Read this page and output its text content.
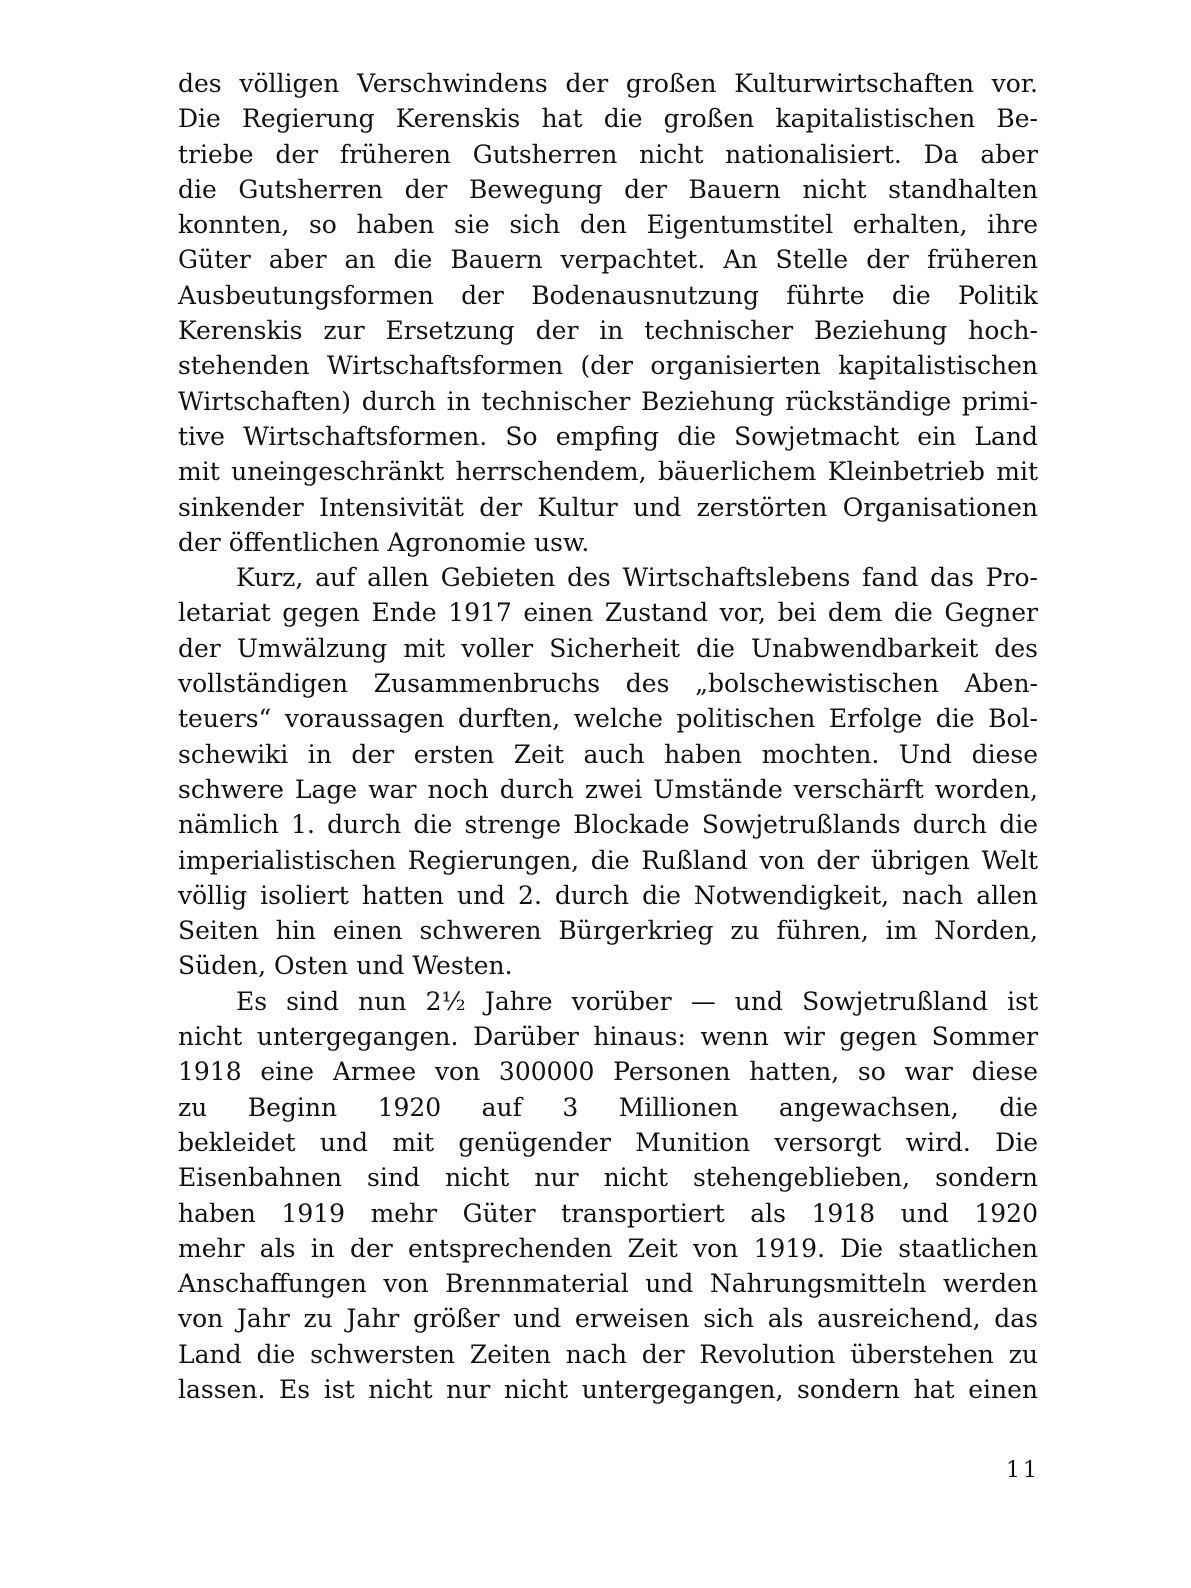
des völligen Verschwindens der großen Kulturwirtschaften vor.
Die Regierung Kerenskis hat die großen kapitalistischen Be-
triebe der früheren Gutsherren nicht nationalisiert. Da aber
die Gutsherren der Bewegung der Bauern nicht standhalten
konnten, so haben sie sich den Eigentumstitel erhalten, ihre
Güter aber an die Bauern verpachtet. An Stelle der früheren
Ausbeutungsformen der Bodenausnutzung führte die Politik
Kerenskis zur Ersetzung der in technischer Beziehung hoch-
stehenden Wirtschaftsformen (der organisierten kapitalistischen
Wirtschaften) durch in technischer Beziehung rückständige primi-
tive Wirtschaftsformen. So empfing die Sowjetmacht ein Land
mit uneingeschränkt herrschendem, bäuerlichem Kleinbetrieb mit
sinkender Intensivität der Kultur und zerstörten Organisationen
der öffentlichen Agronomie usw.
Kurz, auf allen Gebieten des Wirtschaftslebens fand das Pro-
letariat gegen Ende 1917 einen Zustand vor, bei dem die Gegner
der Umwälzung mit voller Sicherheit die Unabwendbarkeit des
vollständigen Zusammenbruchs des „bolschewistischen Aben-
teuers“ voraussagen durften, welche politischen Erfolge die Bol-
schewiki in der ersten Zeit auch haben mochten. Und diese
schwere Lage war noch durch zwei Umstände verschärft worden,
nämlich 1. durch die strenge Blockade Sowjetrußlands durch die
imperialistischen Regierungen, die Rußland von der übrigen Welt
völlig isoliert hatten und 2. durch die Notwendigkeit, nach allen
Seiten hin einen schweren Bürgerkrieg zu führen, im Norden,
Süden, Osten und Westen.
Es sind nun 2½ Jahre vorüber — und Sowjetrußland ist
nicht untergegangen. Darüber hinaus: wenn wir gegen Sommer
1918 eine Armee von 300000 Personen hatten, so war diese
zu Beginn 1920 auf 3 Millionen angewachsen, die
bekleidet und mit genügender Munition versorgt wird. Die
Eisenbahnen sind nicht nur nicht stehengeblieben, sondern
haben 1919 mehr Güter transportiert als 1918 und 1920
mehr als in der entsprechenden Zeit von 1919. Die staatlichen
Anschaffungen von Brennmaterial und Nahrungsmitteln werden
von Jahr zu Jahr größer und erweisen sich als ausreichend, das
Land die schwersten Zeiten nach der Revolution überstehen zu
lassen. Es ist nicht nur nicht untergegangen, sondern hat einen
11
